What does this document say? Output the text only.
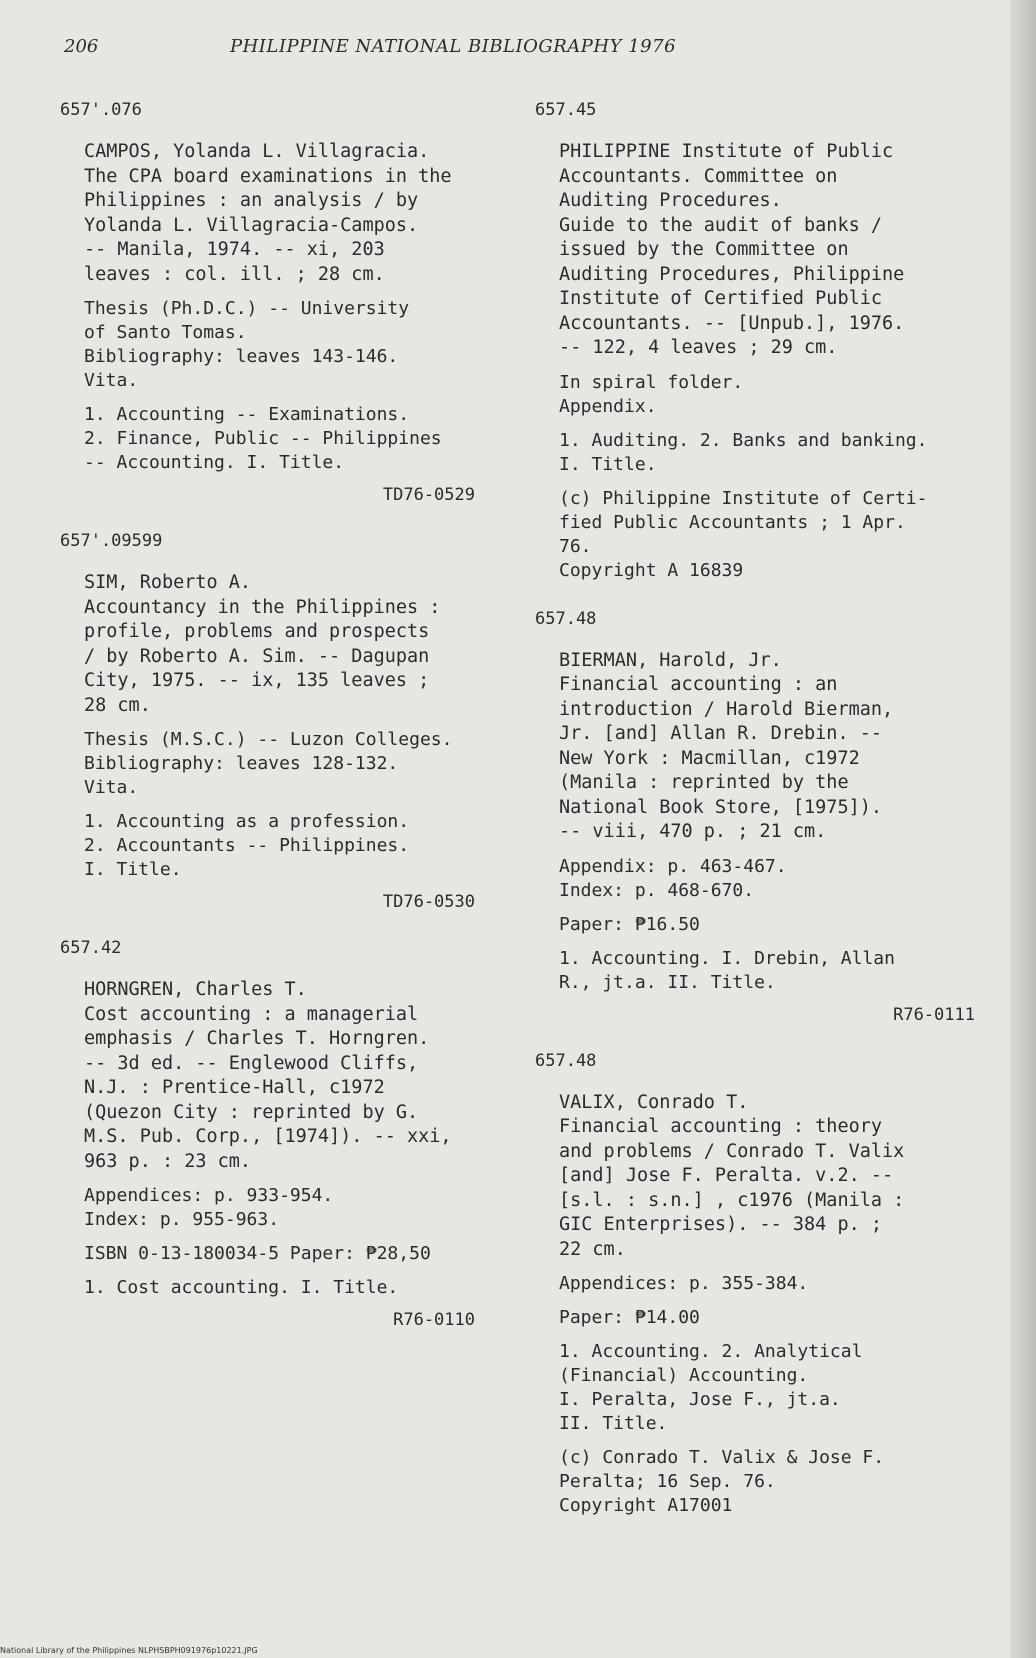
206	PHILIPPINE NATIONAL BIBLIOGRAPHY 1976
657'.076
CAMPOS, Yolanda L. Villagracia.
The CPA board examinations in the
Philippines : an analysis / by
Yolanda L. Villagracia-Campos.
-- Manila, 1974. -- xi, 203
leaves : col. ill. ; 28 cm.
Thesis (Ph.D.C.) -- University
of Santo Tomas.
Bibliography: leaves 143-146.
Vita.
1. Accounting -- Examinations.
2. Finance, Public -- Philippines
-- Accounting. I. Title.
TD76-0529
657'.09599
SIM, Roberto A.
Accountancy in the Philippines :
profile, problems and prospects
/ by Roberto A. Sim. -- Dagupan
City, 1975. -- ix, 135 leaves ;
28 cm.
Thesis (M.S.C.) -- Luzon Colleges.
Bibliography: leaves 128-132.
Vita.
1. Accounting as a profession.
2. Accountants -- Philippines.
I. Title.
TD76-0530
657.42
HORNGREN, Charles T.
Cost accounting : a managerial
emphasis / Charles T. Horngren.
-- 3d ed. -- Englewood Cliffs,
N.J. : Prentice-Hall, c1972
(Quezon City : reprinted by G.
M.S. Pub. Corp., [1974]). -- xxi,
963 p. : 23 cm.
Appendices: p. 933-954.
Index: p. 955-963.
ISBN 0-13-180034-5 Paper: ₱28,50
1. Cost accounting. I. Title.
R76-0110
657.45
PHILIPPINE Institute of Public
Accountants. Committee on
Auditing Procedures.
Guide to the audit of banks /
issued by the Committee on
Auditing Procedures, Philippine
Institute of Certified Public
Accountants. -- [Unpub.], 1976.
-- 122, 4 leaves ; 29 cm.
In spiral folder.
Appendix.
1. Auditing. 2. Banks and banking.
I. Title.
(c) Philippine Institute of Certi-
fied Public Accountants ; 1 Apr.
76.
Copyright A 16839
657.48
BIERMAN, Harold, Jr.
Financial accounting : an
introduction / Harold Bierman,
Jr. [and] Allan R. Drebin. --
New York : Macmillan, c1972
(Manila : reprinted by the
National Book Store, [1975]).
-- viii, 470 p. ; 21 cm.
Appendix: p. 463-467.
Index: p. 468-670.
Paper: ₱16.50
1. Accounting. I. Drebin, Allan
R., jt.a. II. Title.
R76-0111
657.48
VALIX, Conrado T.
Financial accounting : theory
and problems / Conrado T. Valix
[and] Jose F. Peralta. v.2. --
[s.l. : s.n.] , c1976 (Manila :
GIC Enterprises). -- 384 p. ;
22 cm.
Appendices: p. 355-384.
Paper: ₱14.00
1. Accounting. 2. Analytical
(Financial) Accounting.
I. Peralta, Jose F., jt.a.
II. Title.
(c) Conrado T. Valix & Jose F.
Peralta; 16 Sep. 76.
Copyright A17001
National Library of the Philippines NLPHSBPH091976p10221.JPG
